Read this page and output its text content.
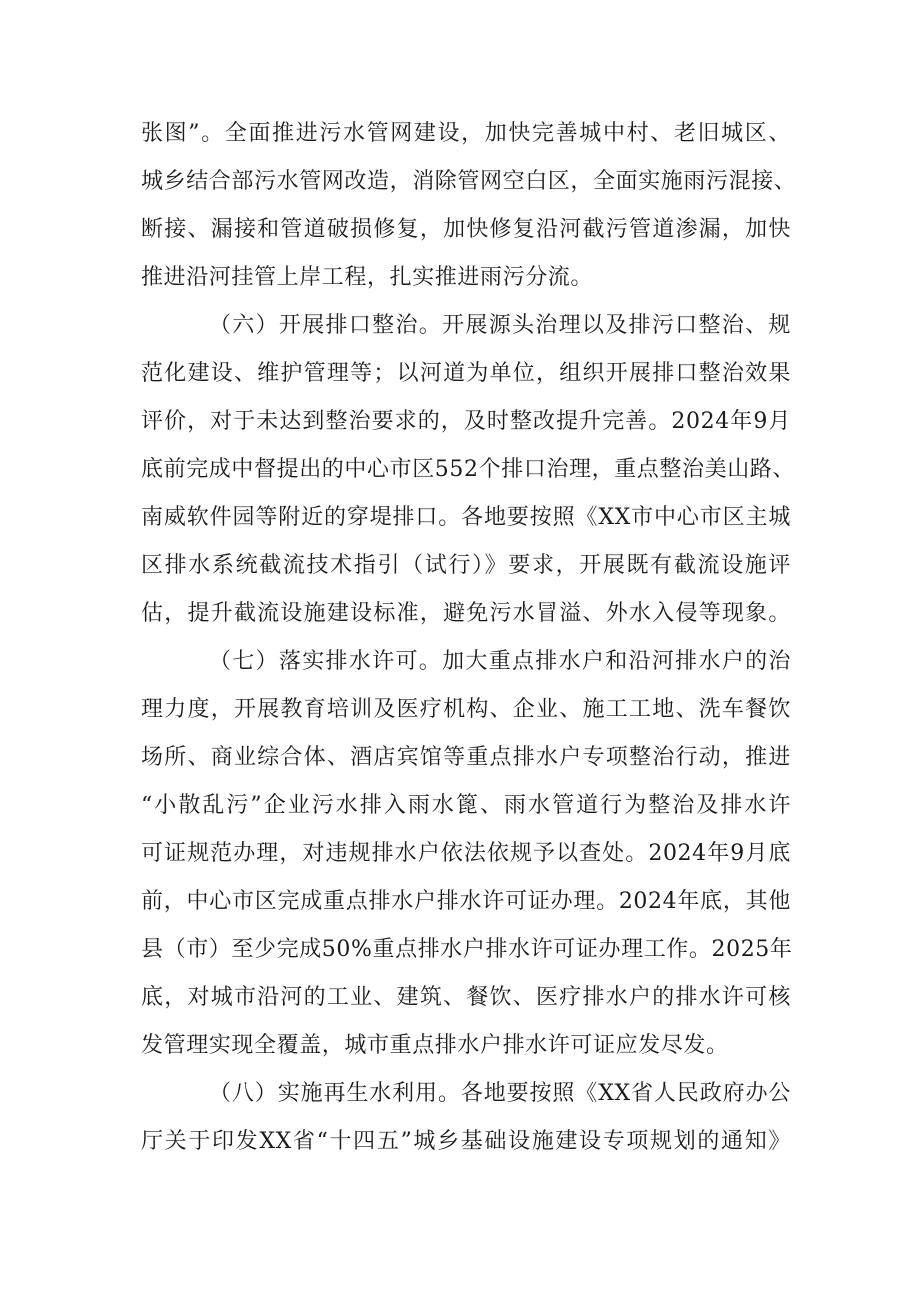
张图”。全面推进污水管网建设，加快完善城中村、老旧城区、
城乡结合部污水管网改造，消除管网空白区，全面实施雨污混接、
断接、漏接和管道破损修复，加快修复沿河截污管道渗漏，加快
推进沿河挂管上岸工程，扎实推进雨污分流。
（六）开展排口整治。开展源头治理以及排污口整治、规
范化建设、维护管理等；以河道为单位，组织开展排口整治效果
评价，对于未达到整治要求的，及时整改提升完善。2024年9月
底前完成中督提出的中心市区552个排口治理，重点整治美山路、
南威软件园等附近的穿堤排口。各地要按照《XX市中心市区主城
区排水系统截流技术指引（试行）》要求，开展既有截流设施评
估，提升截流设施建设标准，避免污水冒溢、外水入侵等现象。
（七）落实排水许可。加大重点排水户和沿河排水户的治
理力度，开展教育培训及医疗机构、企业、施工工地、洗车餐饮
场所、商业综合体、酒店宾馆等重点排水户专项整治行动，推进
“小散乱污”企业污水排入雨水篦、雨水管道行为整治及排水许
可证规范办理，对违规排水户依法依规予以查处。2024年9月底
前，中心市区完成重点排水户排水许可证办理。2024年底，其他
县（市）至少完成50%重点排水户排水许可证办理工作。2025年
底，对城市沿河的工业、建筑、餐饮、医疗排水户的排水许可核
发管理实现全覆盖，城市重点排水户排水许可证应发尽发。
（八）实施再生水利用。各地要按照《XX省人民政府办公
厅关于印发XX省“十四五”城乡基础设施建设专项规划的通知》
